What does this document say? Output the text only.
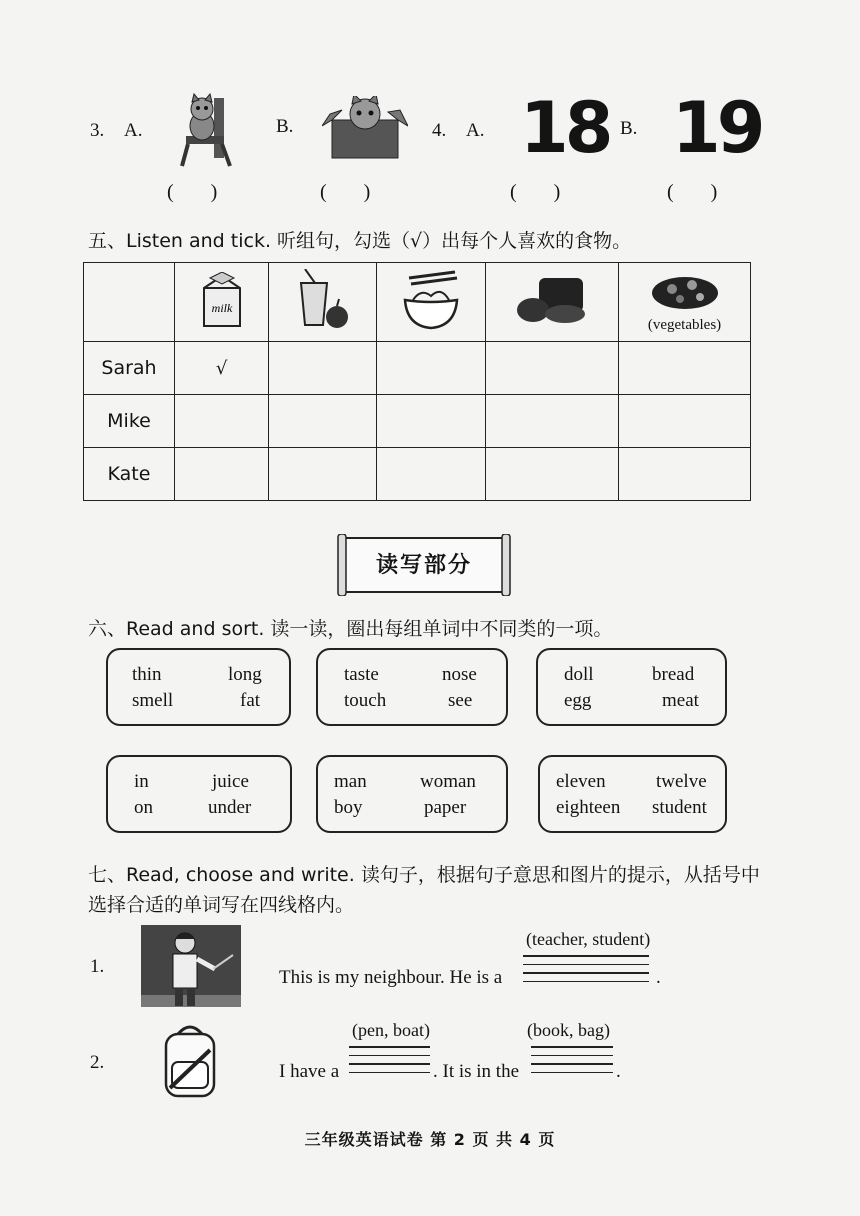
3. A.	B.	4. A. 18 B. 19
( )	( )	( )	( )
五、Listen and tick. 听组句，勾选（√）出每个人喜欢的食物。

milk				(vegetables)

Sarah	√				
Mike					
Kate					
读写部分
六、Read and sort. 读一读，圈出每组单词中不同类的一项。
thin	long
smell	fat
taste	nose
touch	see
doll	bread
egg	meat
in	juice
on	under
man	woman
boy	paper
eleven	twelve
eighteen student
七、Read, choose and write. 读句子，根据句子意思和图片的提示，从括号中
选择合适的单词写在四线格内。
1.
This is my neighbour. He is a
(teacher, student)
.
2.	I have a
(pen, boat)
. It is in the
(book, bag)
.
三年级英语试卷 第 2 页 共 4 页
